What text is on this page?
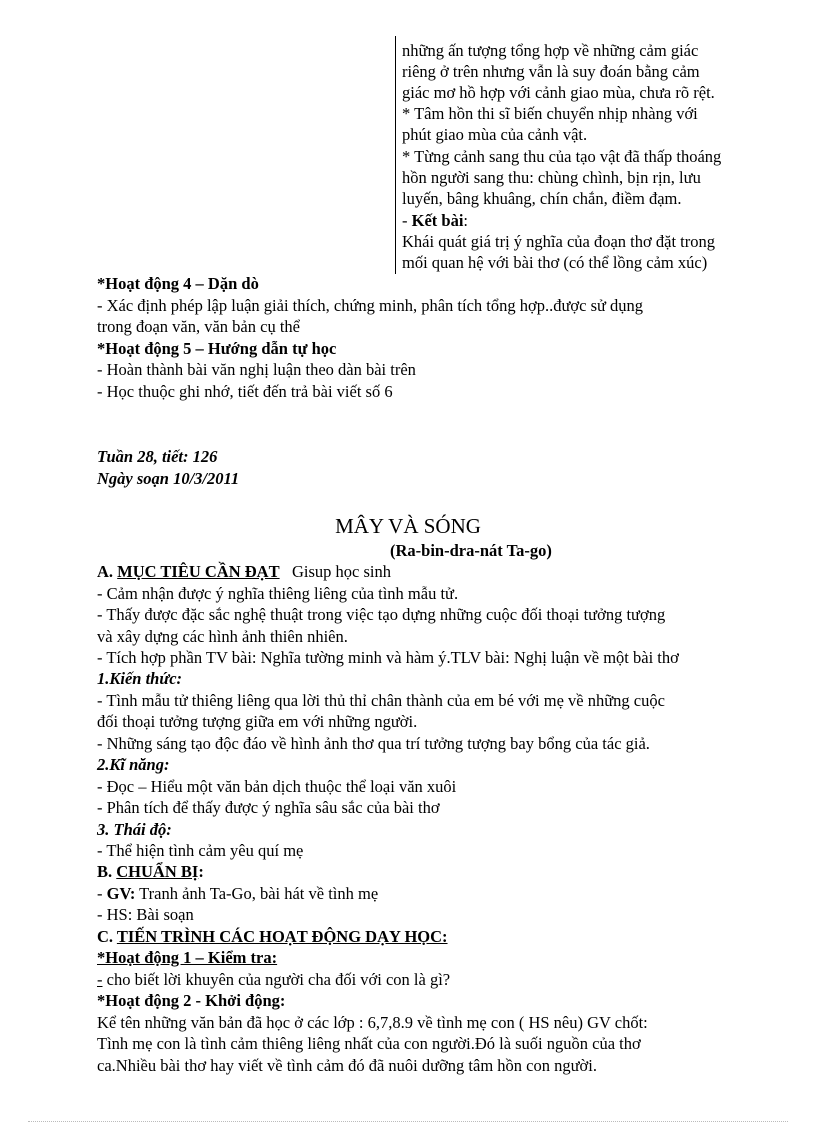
những ấn tượng tổng hợp về những cảm giác
riêng ở trên nhưng vẫn là suy đoán bằng cảm
giác mơ hồ hợp với cảnh giao mùa, chưa rõ rệt.
* Tâm hồn thi sĩ biến chuyển nhịp nhàng với
phút giao mùa của cảnh vật.
* Từng cảnh sang thu của tạo vật đã thấp thoáng
hồn người sang thu: chùng chình, bịn rịn, lưu
luyến, bâng khuâng, chín chắn, điềm đạm.
- Kết bài:
Khái quát giá trị ý nghĩa của đoạn thơ đặt trong
mối quan hệ với bài thơ (có thể lồng cảm xúc)
*Hoạt động 4 – Dặn dò
- Xác định phép lập luận giải thích, chứng minh, phân tích tổng hợp..được sử dụng
trong đoạn văn, văn bản cụ thể
*Hoạt động 5 – Hướng dẫn tự học
- Hoàn thành bài văn nghị luận theo dàn bài trên
- Học thuộc ghi nhớ, tiết đến trả bài viết số 6
Tuần 28, tiết: 126
Ngày soạn 10/3/2011
MÂY VÀ SÓNG
(Ra-bin-dra-nát Ta-go)
A. MỤC TIÊU CẦN ĐẠT   Gisup học sinh
- Cảm nhận được ý nghĩa thiêng liêng của tình mẫu tử.
- Thấy được đặc sắc nghệ thuật trong việc tạo dựng những cuộc đối thoại tưởng tượng
và xây dựng các hình ảnh thiên nhiên.
- Tích hợp phần TV bài: Nghĩa tường minh và hàm ý.TLV bài: Nghị luận về một bài thơ
1.Kiến thức:
- Tình mẫu tử thiêng liêng qua lời thủ thỉ chân thành của em bé với mẹ về những cuộc
đối thoại tưởng tượng giữa em với những người.
- Những sáng tạo độc đáo về hình ảnh thơ qua trí tưởng tượng bay bổng của tác giả.
2.Kĩ năng:
- Đọc – Hiểu một văn bản dịch thuộc thể loại văn xuôi
- Phân tích để thấy được ý nghĩa sâu sắc của bài thơ
3. Thái độ:
- Thể hiện tình cảm yêu quí mẹ
B. CHUẨN BỊ:
- GV: Tranh ảnh Ta-Go, bài hát về tình mẹ
- HS: Bài soạn
C. TIẾN TRÌNH CÁC HOẠT ĐỘNG DẠY HỌC:
*Hoạt động 1 – Kiểm tra:
- cho biết lời khuyên của người cha đối với con là gì?
*Hoạt động 2 - Khởi động:
Kể tên những văn bản đã học ở các lớp : 6,7,8.9 về tình mẹ con ( HS nêu) GV chốt:
Tình mẹ con là tình cảm thiêng liêng nhất của con người.Đó là suối nguồn của thơ
ca.Nhiều bài thơ hay viết về tình cảm đó đã nuôi dưỡng tâm hồn con người.
